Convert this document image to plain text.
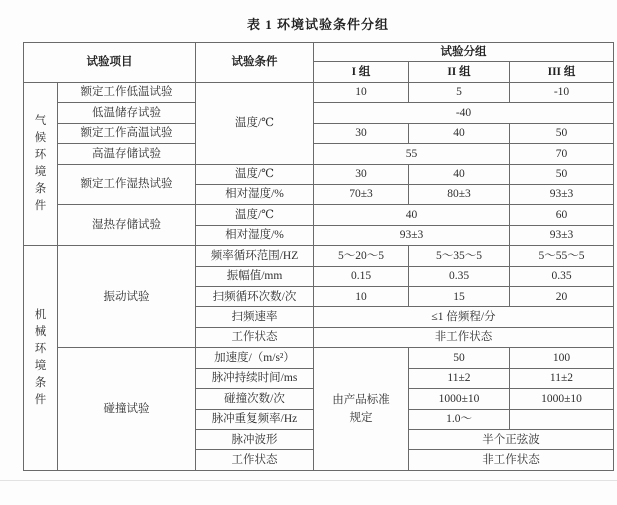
表 1 环境试验条件分组
试验项目		试验条件	试验分组		
			I 组	II 组	III 组

气候环境条件	额定工作低温试验	温度/℃	10	5	-10
	低温储存试验		-40		
	额定工作高温试验		30	40	50
	高温存储试验		55		70
	额定工作湿热试验	温度/℃	30	40	50
		相对湿度/%	70±3	80±3	93±3
	湿热存储试验	温度/℃	40		60
		相对湿度/%	93±3		93±3

机械环境条件	振动试验	频率循环范围/HZ	5～20～5	5～35～5	5～55～5
		振幅值/mm	0.15	0.35	0.35
		扫频循环次数/次	10	15	20
		扫频速率	≤1 倍频程/分		
		工作状态	非工作状态		
	碰撞试验	加速度/（m/s²）	由产品标准规定	50	100
		脉冲持续时间/ms		11±2	11±2
		碰撞次数/次		1000±10	1000±10
		脉冲重复频率/Hz		1.0～	
		脉冲波形		半个正弦波	
		工作状态		非工作状态	
